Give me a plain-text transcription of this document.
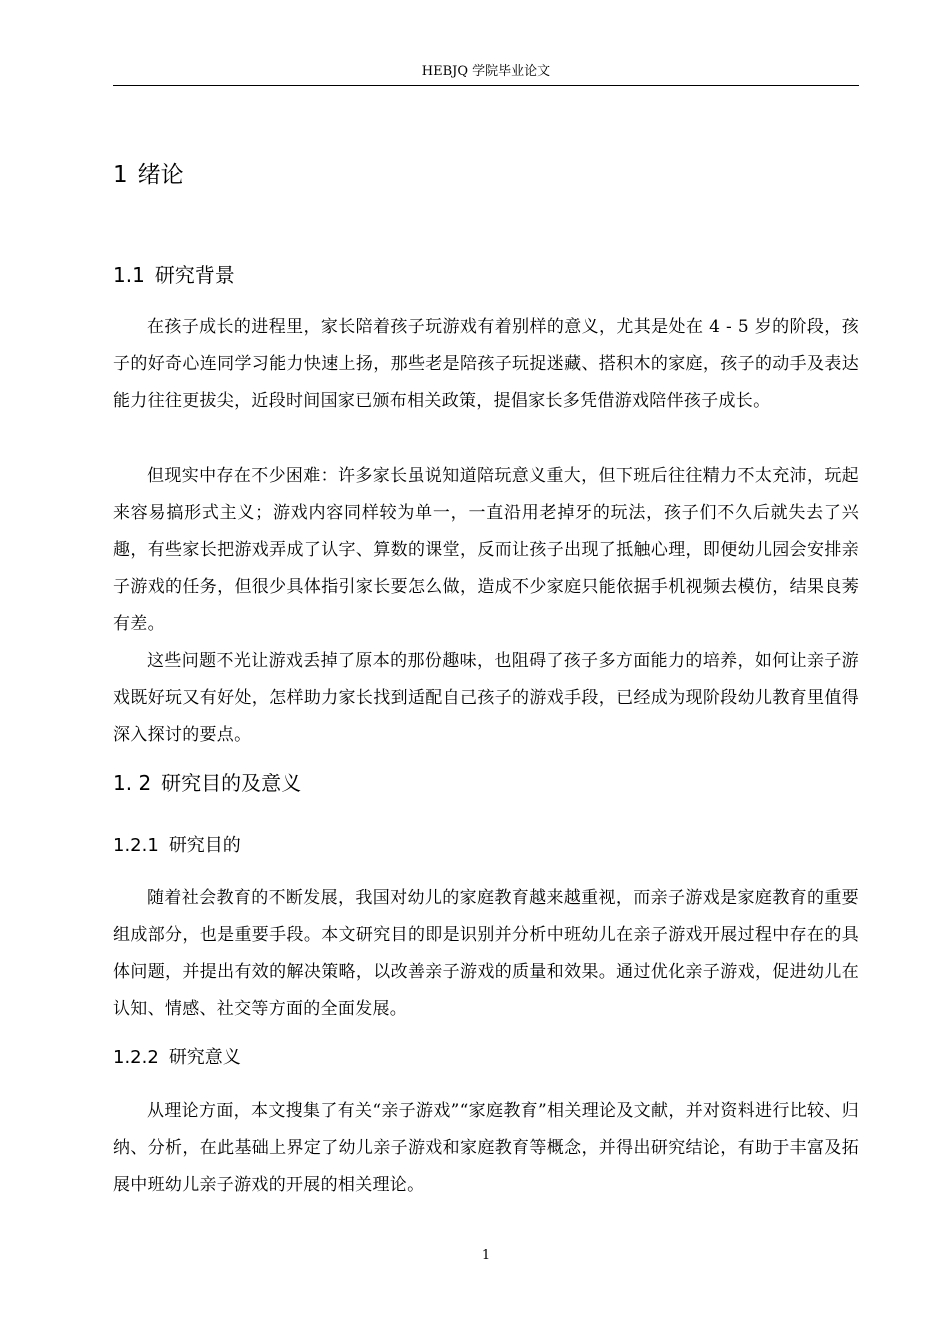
HEBJQ 学院毕业论文
1 绪论
1.1 研究背景

在孩子成长的进程里，家长陪着孩子玩游戏有着别样的意义，尤其是处在 4 - 5 岁的阶段，孩子的好奇心连同学习能力快速上扬，那些老是陪孩子玩捉迷藏、搭积木的家庭，孩子的动手及表达能力往往更拔尖，近段时间国家已颁布相关政策，提倡家长多凭借游戏陪伴孩子成长。

但现实中存在不少困难：许多家长虽说知道陪玩意义重大，但下班后往往精力不太充沛，玩起来容易搞形式主义；游戏内容同样较为单一，一直沿用老掉牙的玩法，孩子们不久后就失去了兴趣，有些家长把游戏弄成了认字、算数的课堂，反而让孩子出现了抵触心理，即便幼儿园会安排亲子游戏的任务，但很少具体指引家长要怎么做，造成不少家庭只能依据手机视频去模仿，结果良莠有差。

这些问题不光让游戏丢掉了原本的那份趣味，也阻碍了孩子多方面能力的培养，如何让亲子游戏既好玩又有好处，怎样助力家长找到适配自己孩子的游戏手段，已经成为现阶段幼儿教育里值得深入探讨的要点。

1. 2 研究目的及意义
1.2.1 研究目的

随着社会教育的不断发展，我国对幼儿的家庭教育越来越重视，而亲子游戏是家庭教育的重要组成部分，也是重要手段。本文研究目的即是识别并分析中班幼儿在亲子游戏开展过程中存在的具体问题，并提出有效的解决策略，以改善亲子游戏的质量和效果。通过优化亲子游戏，促进幼儿在认知、情感、社交等方面的全面发展。

1.2.2 研究意义

从理论方面，本文搜集了有关“亲子游戏”“家庭教育”相关理论及文献，并对资料进行比较、归纳、分析，在此基础上界定了幼儿亲子游戏和家庭教育等概念，并得出研究结论，有助于丰富及拓展中班幼儿亲子游戏的开展的相关理论。

1
